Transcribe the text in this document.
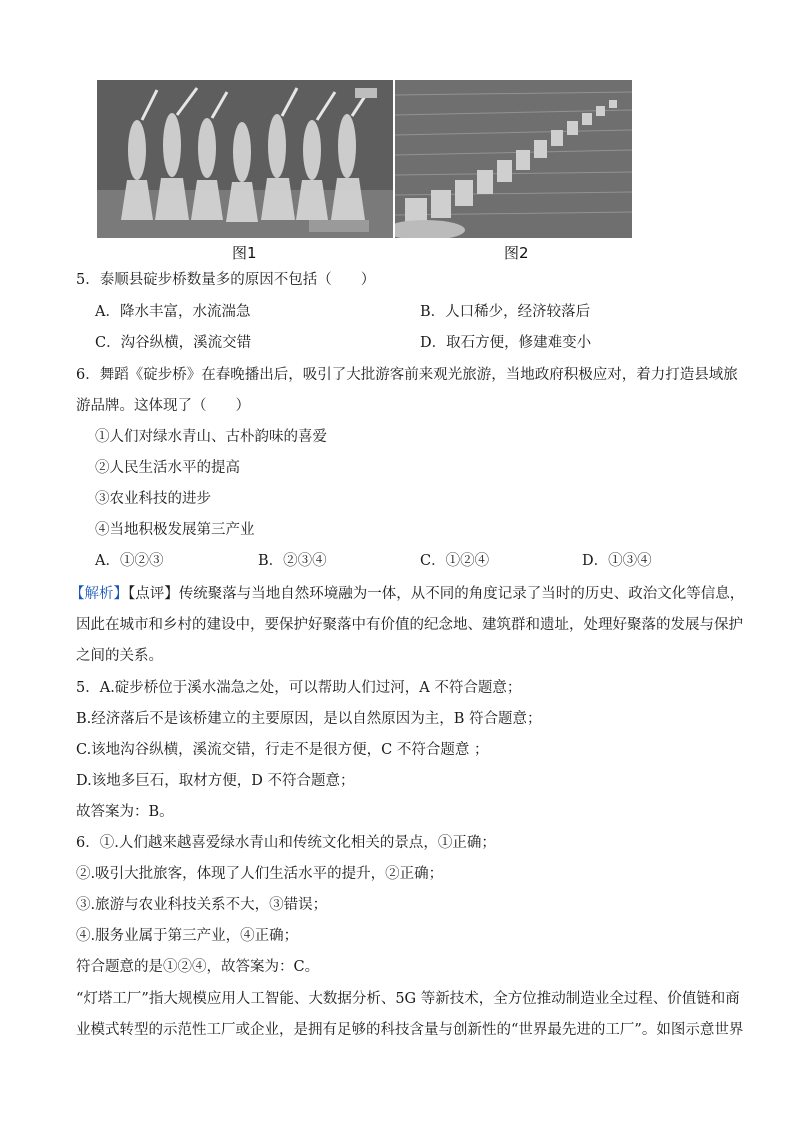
图1	图2
5．泰顺县碇步桥数量多的原因不包括（　　）
A．降水丰富，水流湍急	B．人口稀少，经济较落后
C．沟谷纵横，溪流交错	D．取石方便，修建难变小
6．舞蹈《碇步桥》在春晚播出后，吸引了大批游客前来观光旅游，当地政府积极应对，着力打造县域旅
游品牌。这体现了（　　）
①人们对绿水青山、古朴韵味的喜爱
②人民生活水平的提高
③农业科技的进步
④当地积极发展第三产业
A．①②③	B．②③④	C．①②④	D．①③④
【解析】【点评】传统聚落与当地自然环境融为一体，从不同的角度记录了当时的历史、政治文化等信息，
因此在城市和乡村的建设中，要保护好聚落中有价值的纪念地、建筑群和遗址，处理好聚落的发展与保护
之间的关系。
5．A.碇步桥位于溪水湍急之处，可以帮助人们过河，A 不符合题意；
B.经济落后不是该桥建立的主要原因，是以自然原因为主，B 符合题意；
C.该地沟谷纵横，溪流交错，行走不是很方便，C 不符合题意 ；
D.该地多巨石，取材方便，D 不符合题意；
故答案为：B。
6．①.人们越来越喜爱绿水青山和传统文化相关的景点，①正确；
②.吸引大批旅客，体现了人们生活水平的提升，②正确；
③.旅游与农业科技关系不大，③错误；
④.服务业属于第三产业，④正确；
符合题意的是①②④，故答案为：C。
“灯塔工厂”指大规模应用人工智能、大数据分析、5G 等新技术，全方位推动制造业全过程、价值链和商
业模式转型的示范性工厂或企业，是拥有足够的科技含量与创新性的“世界最先进的工厂”。如图示意世界
